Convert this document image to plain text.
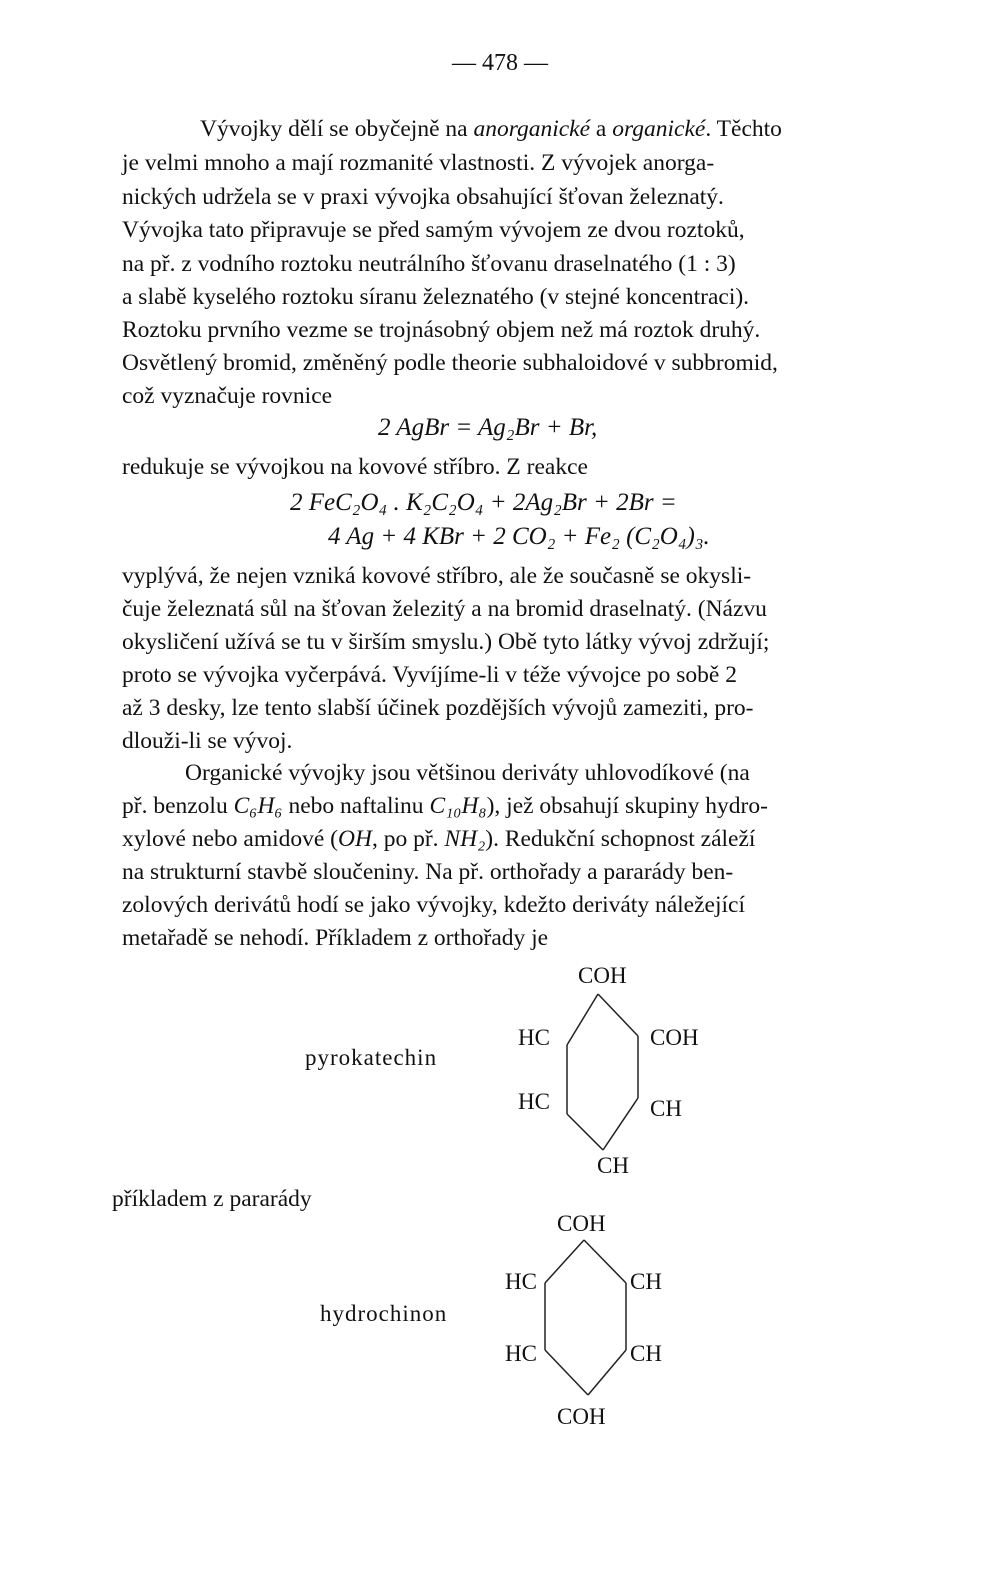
— 478 —
Vývojky dělí se obyčejně na anorganické a organické. Těchto
je velmi mnoho a mají rozmanité vlastnosti. Z vývojek anorga-
nických udržela se v praxi vývojka obsahující šťovan železnatý.
Vývojka tato připravuje se před samým vývojem ze dvou roztoků,
na př. z vodního roztoku neutrálního šťovanu draselnatého (1 : 3)
a slabě kyselého roztoku síranu železnatého (v stejné koncentraci).
Roztoku prvního vezme se trojnásobný objem než má roztok druhý.
Osvětlený bromid, změněný podle theorie subhaloidové v subbromid,
což vyznačuje rovnice
2 AgBr = Ag₂Br + Br,
redukuje se vývojkou na kovové stříbro. Z reakce
2 FeC₂O₄ . K₂C₂O₄ + 2Ag₂Br + 2Br =
4 Ag + 4 KBr + 2 CO₂ + Fe₂ (C₂O₄)₃.
vyplývá, že nejen vzniká kovové stříbro, ale že současně se okysli-
čuje železnatá sůl na šťovan železitý a na bromid draselnatý. (Názvu
okysličení užívá se tu v širším smyslu.) Obě tyto látky vývoj zdržují;
proto se vývojka vyčerpává. Vyvíjíme-li v téže vývojce po sobě 2
až 3 desky, lze tento slabší účinek pozdějších vývojů zameziti, pro-
dlouži-li se vývoj.
Organické vývojky jsou většinou deriváty uhlovodíkové (na
př. benzolu C₆H₆ nebo naftalinu C₁₀H₈), jež obsahují skupiny hydro-
xylové nebo amidové (OH, po př. NH₂). Redukční schopnost záleží
na strukturní stavbě sloučeniny. Na př. orthořady a pararády ben-
zolových derivátů hodí se jako vývojky, kdežto deriváty náležející
metařadě se nehodí. Příkladem z orthořady je
pyrokatechin
COH
HC	COH
HC	CH
CH
příkladem z pararády
hydrochinon
COH
HC	CH
HC	CH
COH
